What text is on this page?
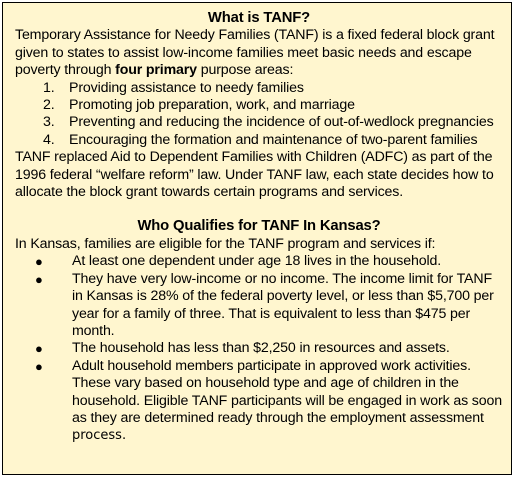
What is TANF?

Temporary Assistance for Needy Families (TANF) is a fixed federal block grant given to states to assist low-income families meet basic needs and escape poverty through four primary purpose areas:

1.	Providing assistance to needy families
2.	Promoting job preparation, work, and marriage
3.	Preventing and reducing the incidence of out-of-wedlock pregnancies
4.	Encouraging the formation and maintenance of two-parent families

TANF replaced Aid to Dependent Families with Children (ADFC) as part of the 1996 federal “welfare reform” law. Under TANF law, each state decides how to allocate the block grant towards certain programs and services.

Who Qualifies for TANF In Kansas?

In Kansas, families are eligible for the TANF program and services if:

●	At least one dependent under age 18 lives in the household.
●	They have very low-income or no income. The income limit for TANF in Kansas is 28% of the federal poverty level, or less than $5,700 per year for a family of three. That is equivalent to less than $475 per month.
●	The household has less than $2,250 in resources and assets.
●	Adult household members participate in approved work activities. These vary based on household type and age of children in the household. Eligible TANF participants will be engaged in work as soon as they are determined ready through the employment assessment process.
